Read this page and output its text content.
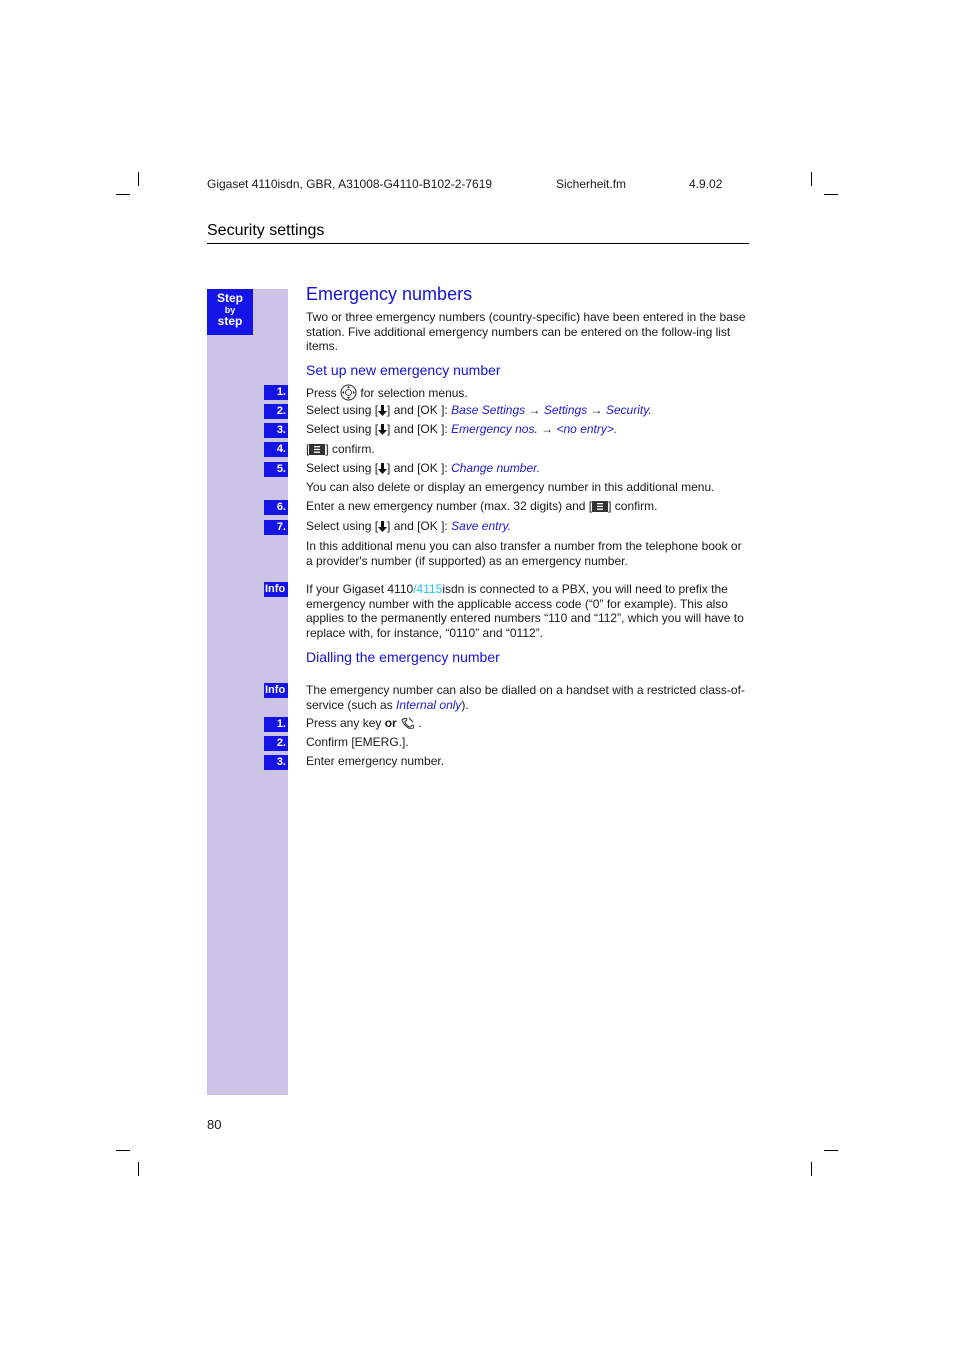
Gigaset 4110isdn, GBR, A31008-G4110-B102-2-7619	Sicherheit.fm	4.9.02
Security settings
Step
by
step
Emergency numbers
Two or three emergency numbers (country-specific) have been entered in the base station. Five additional emergency numbers can be entered on the follow-ing list items.
Set up new emergency number
1. Press for selection menus.
2. Select using [ ] and [OK ]: Base Settings → Settings → Security.
3. Select using [ ] and [OK ]: Emergency nos. → <no entry>.
4. [ ] confirm.
5. Select using [ ] and [OK ]: Change number.
You can also delete or display an emergency number in this additional menu.
6. Enter a new emergency number (max. 32 digits) and [ ] confirm.
7. Select using [ ] and [OK ]: Save entry.
In this additional menu you can also transfer a number from the telephone book or a provider's number (if supported) as an emergency number.
Info If your Gigaset 4110/4115isdn is connected to a PBX, you will need to prefix the emergency number with the applicable access code (“0” for example). This also applies to the permanently entered numbers “110 and “112”, which you will have to replace with, for instance, “0110” and “0112”.
Dialling the emergency number
Info The emergency number can also be dialled on a handset with a restricted class-of-service (such as Internal only).
1. Press any key or .
2. Confirm [EMERG.].
3. Enter emergency number.
80
